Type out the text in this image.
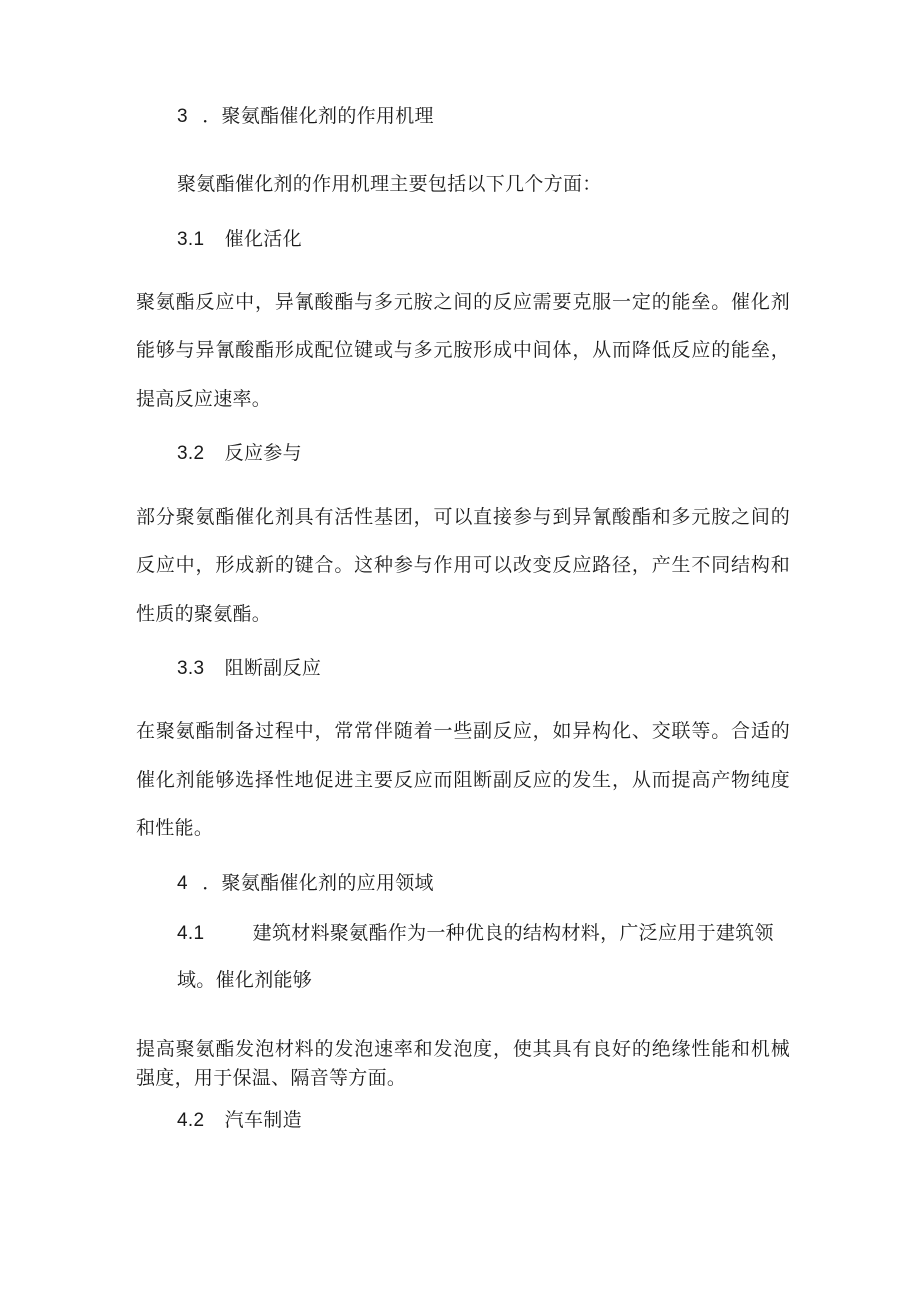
3 ．聚氨酯催化剂的作用机理
聚氨酯催化剂的作用机理主要包括以下几个方面：
3.1 催化活化
聚氨酯反应中，异氰酸酯与多元胺之间的反应需要克服一定的能垒。催化剂
能够与异氰酸酯形成配位键或与多元胺形成中间体，从而降低反应的能垒，
提高反应速率。
3.2 反应参与
部分聚氨酯催化剂具有活性基团，可以直接参与到异氰酸酯和多元胺之间的
反应中，形成新的键合。这种参与作用可以改变反应路径，产生不同结构和
性质的聚氨酯。
3.3 阻断副反应
在聚氨酯制备过程中，常常伴随着一些副反应，如异构化、交联等。合适的
催化剂能够选择性地促进主要反应而阻断副反应的发生，从而提高产物纯度
和性能。
4 ．聚氨酯催化剂的应用领域
4.1	建筑材料聚氨酯作为一种优良的结构材料，广泛应用于建筑领
域。催化剂能够
提高聚氨酯发泡材料的发泡速率和发泡度，使其具有良好的绝缘性能和机械
强度，用于保温、隔音等方面。
4.2 汽车制造
